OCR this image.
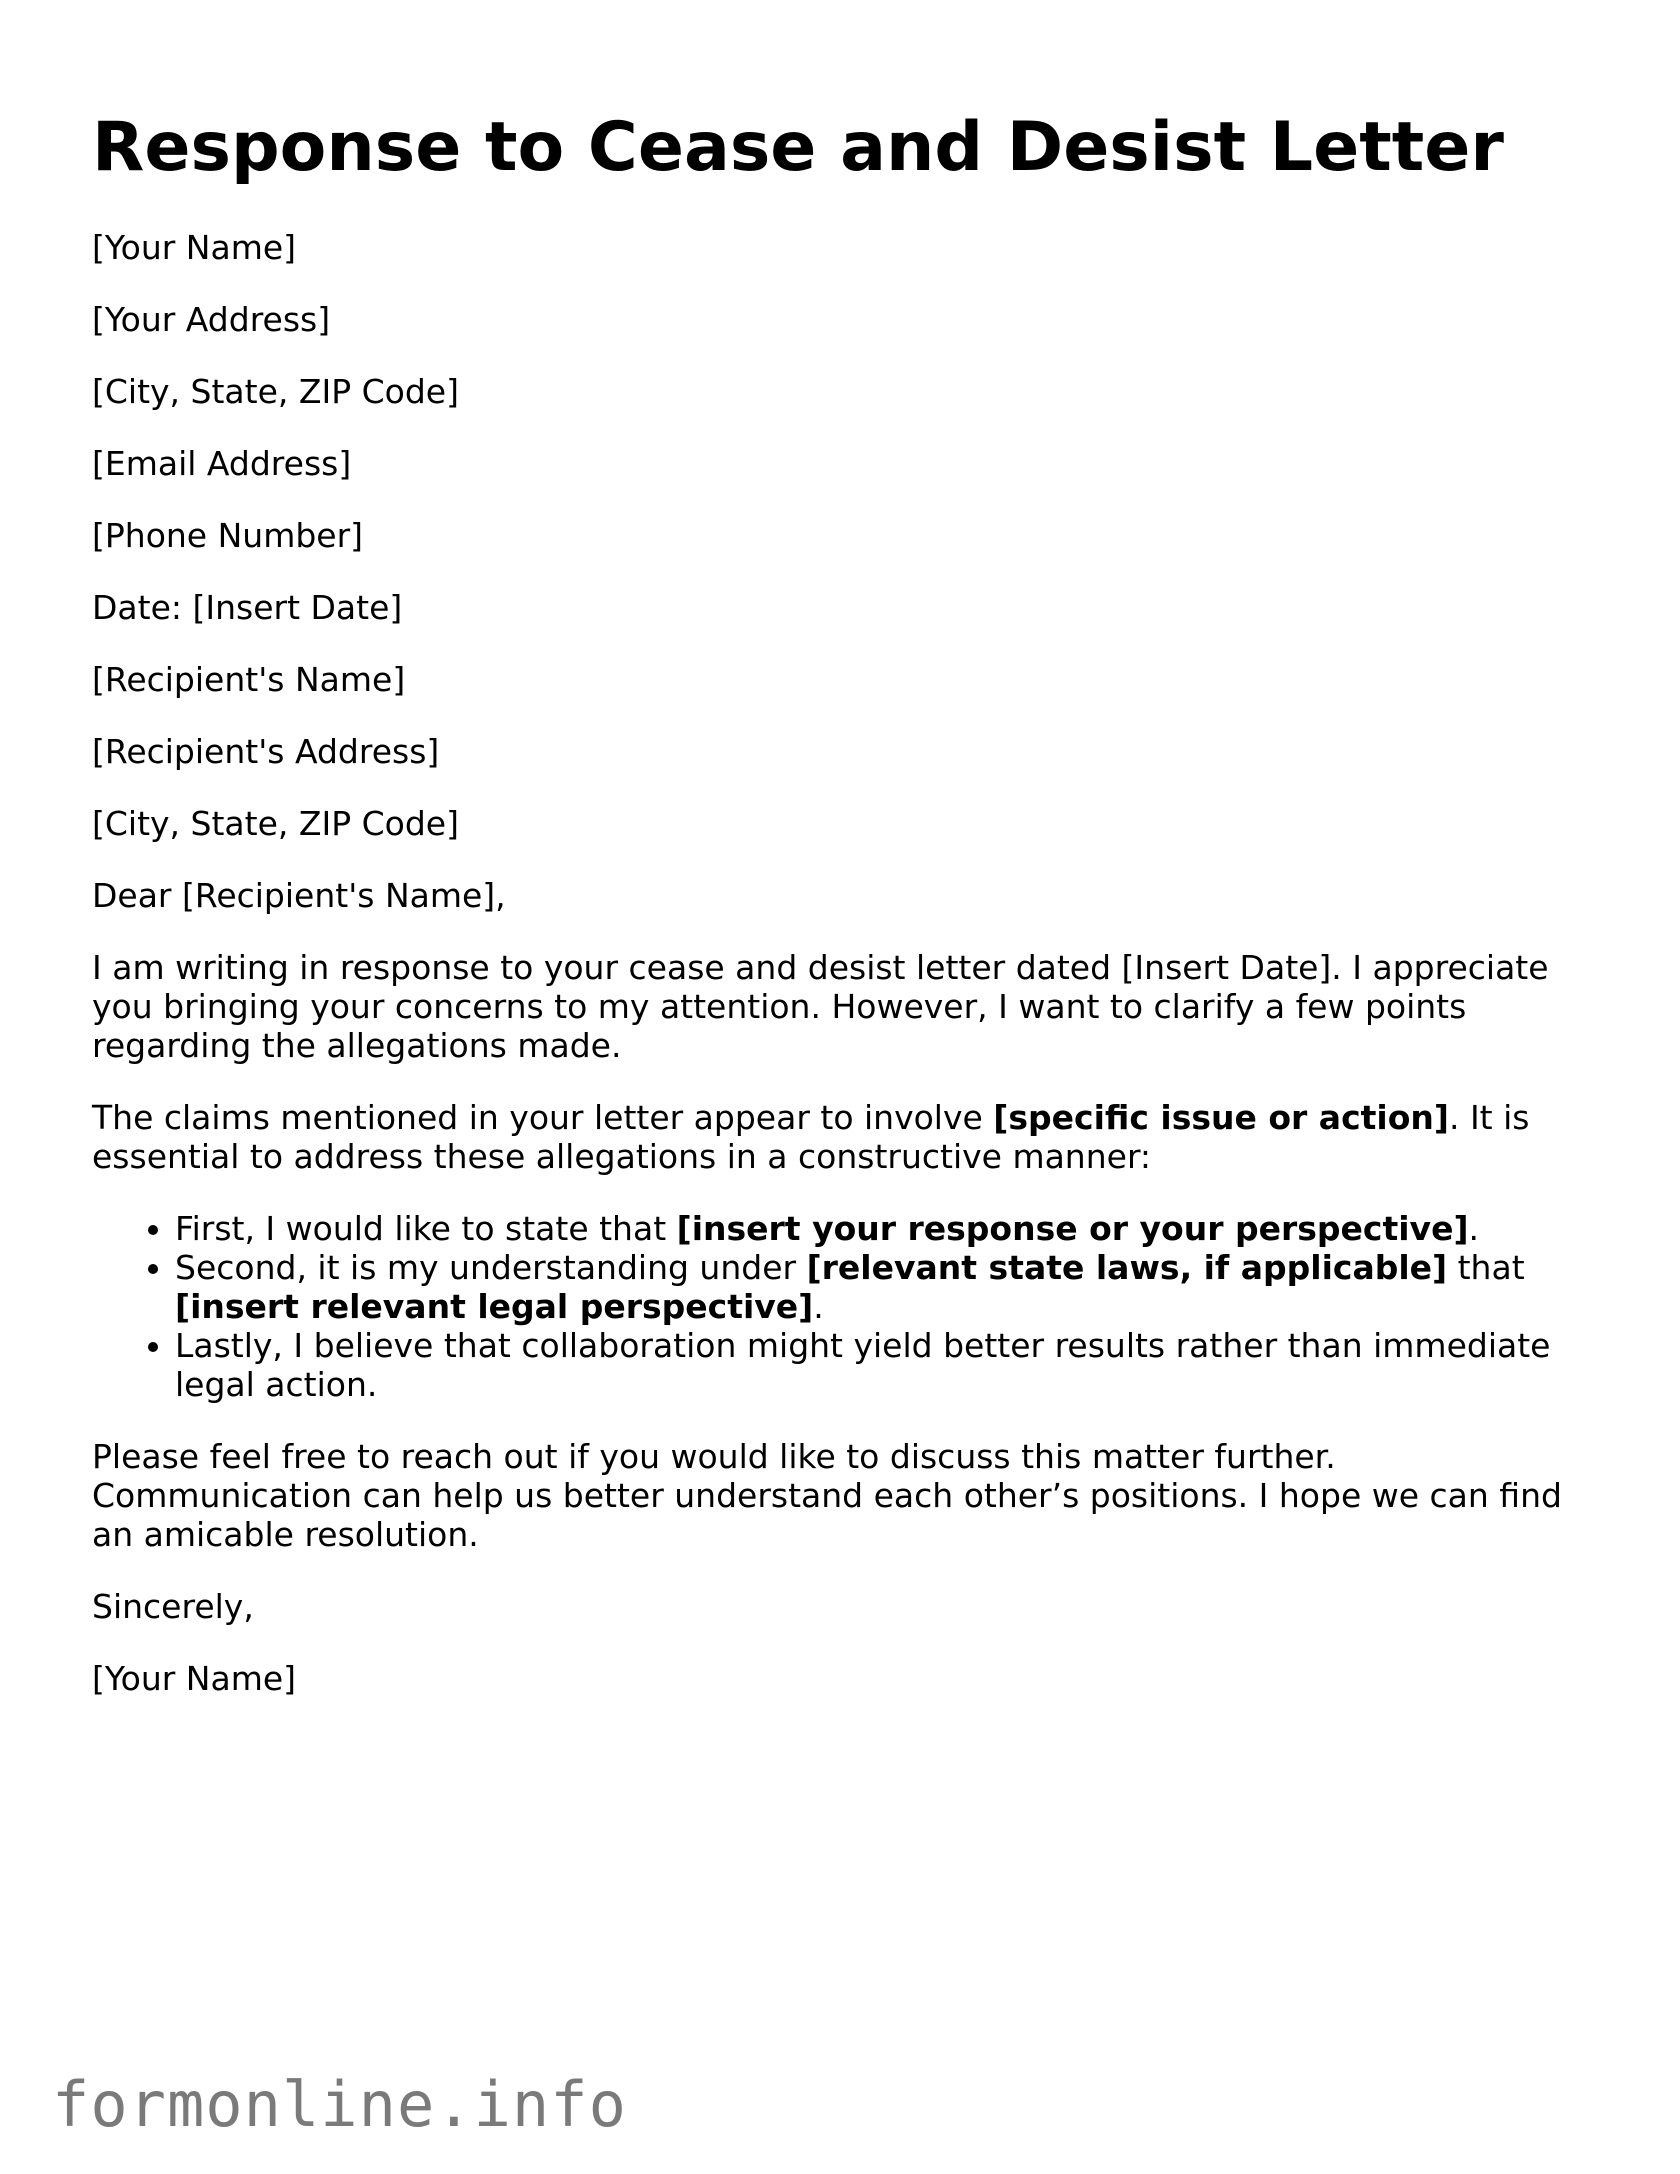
Response to Cease and Desist Letter

[Your Name]

[Your Address]

[City, State, ZIP Code]

[Email Address]

[Phone Number]

Date: [Insert Date]

[Recipient's Name]

[Recipient's Address]

[City, State, ZIP Code]

Dear [Recipient's Name],

I am writing in response to your cease and desist letter dated [Insert Date]. I appreciate you bringing your concerns to my attention. However, I want to clarify a few points regarding the allegations made.

The claims mentioned in your letter appear to involve [specific issue or action]. It is essential to address these allegations in a constructive manner:
• First, I would like to state that [insert your response or your perspective].
• Second, it is my understanding under [relevant state laws, if applicable] that [insert relevant legal perspective].
• Lastly, I believe that collaboration might yield better results rather than immediate legal action.

Please feel free to reach out if you would like to discuss this matter further. Communication can help us better understand each other’s positions. I hope we can find an amicable resolution.

Sincerely,

[Your Name]

formonline.info
